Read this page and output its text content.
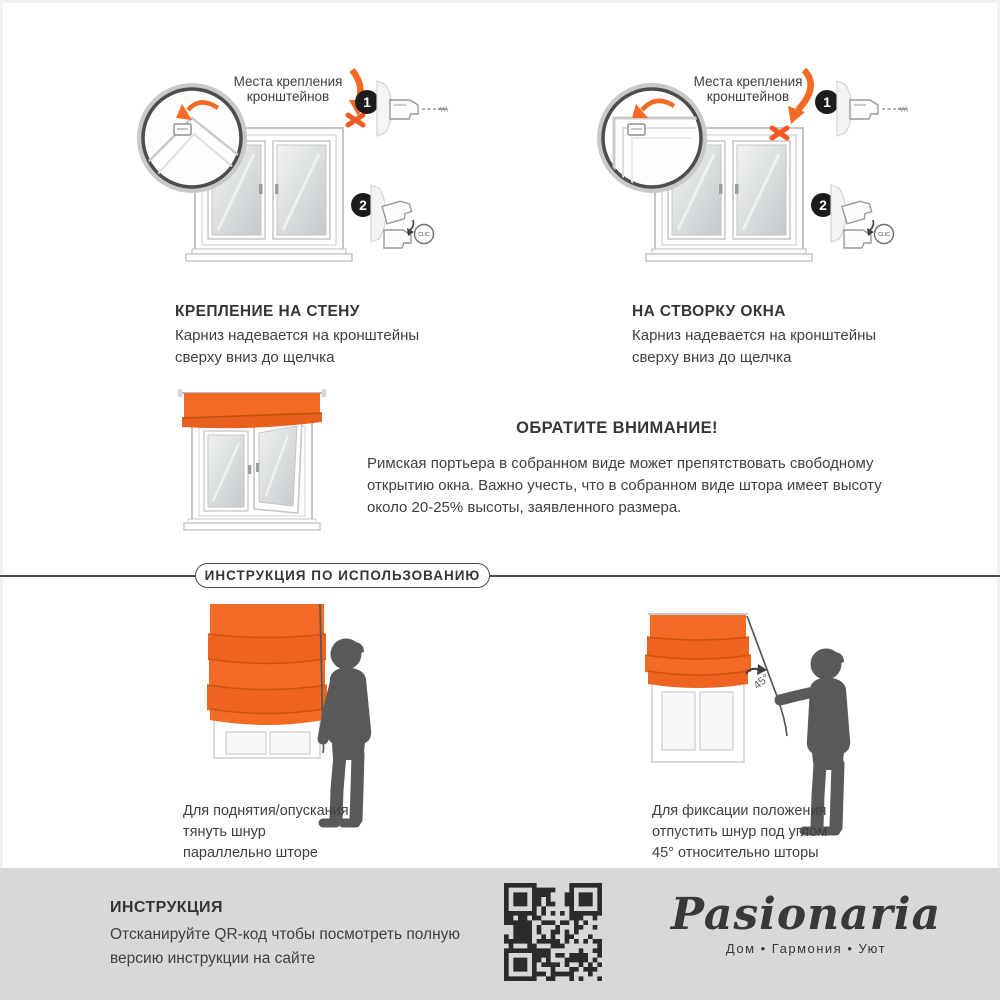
Места крепления
кронштейнов 1
2
CLIC
Места крепления
кронштейнов 1
2
CLIC
КРЕПЛЕНИЕ НА СТЕНУ
Карниз надевается на кронштейны
сверху вниз до щелчка
НА СТВОРКУ ОКНА
Карниз надевается на кронштейны
сверху вниз до щелчка
ОБРАТИТЕ ВНИМАНИЕ!
Римская портьера в собранном виде может препятствовать свободному
открытию окна. Важно учесть, что в собранном виде штора имеет высоту
около 20-25% высоты, заявленного размера.
ИНСТРУКЦИЯ ПО ИСПОЛЬЗОВАНИЮ
Для поднятия/опускания
тянуть шнур
параллельно шторе
45°
Для фиксации положения
отпустить шнур под углом
45° относительно шторы
ИНСТРУКЦИЯ
Отсканируйте QR-код чтобы посмотреть полную
версию инструкции на сайте
Pasionaria
Дом • Гармония • Уют
